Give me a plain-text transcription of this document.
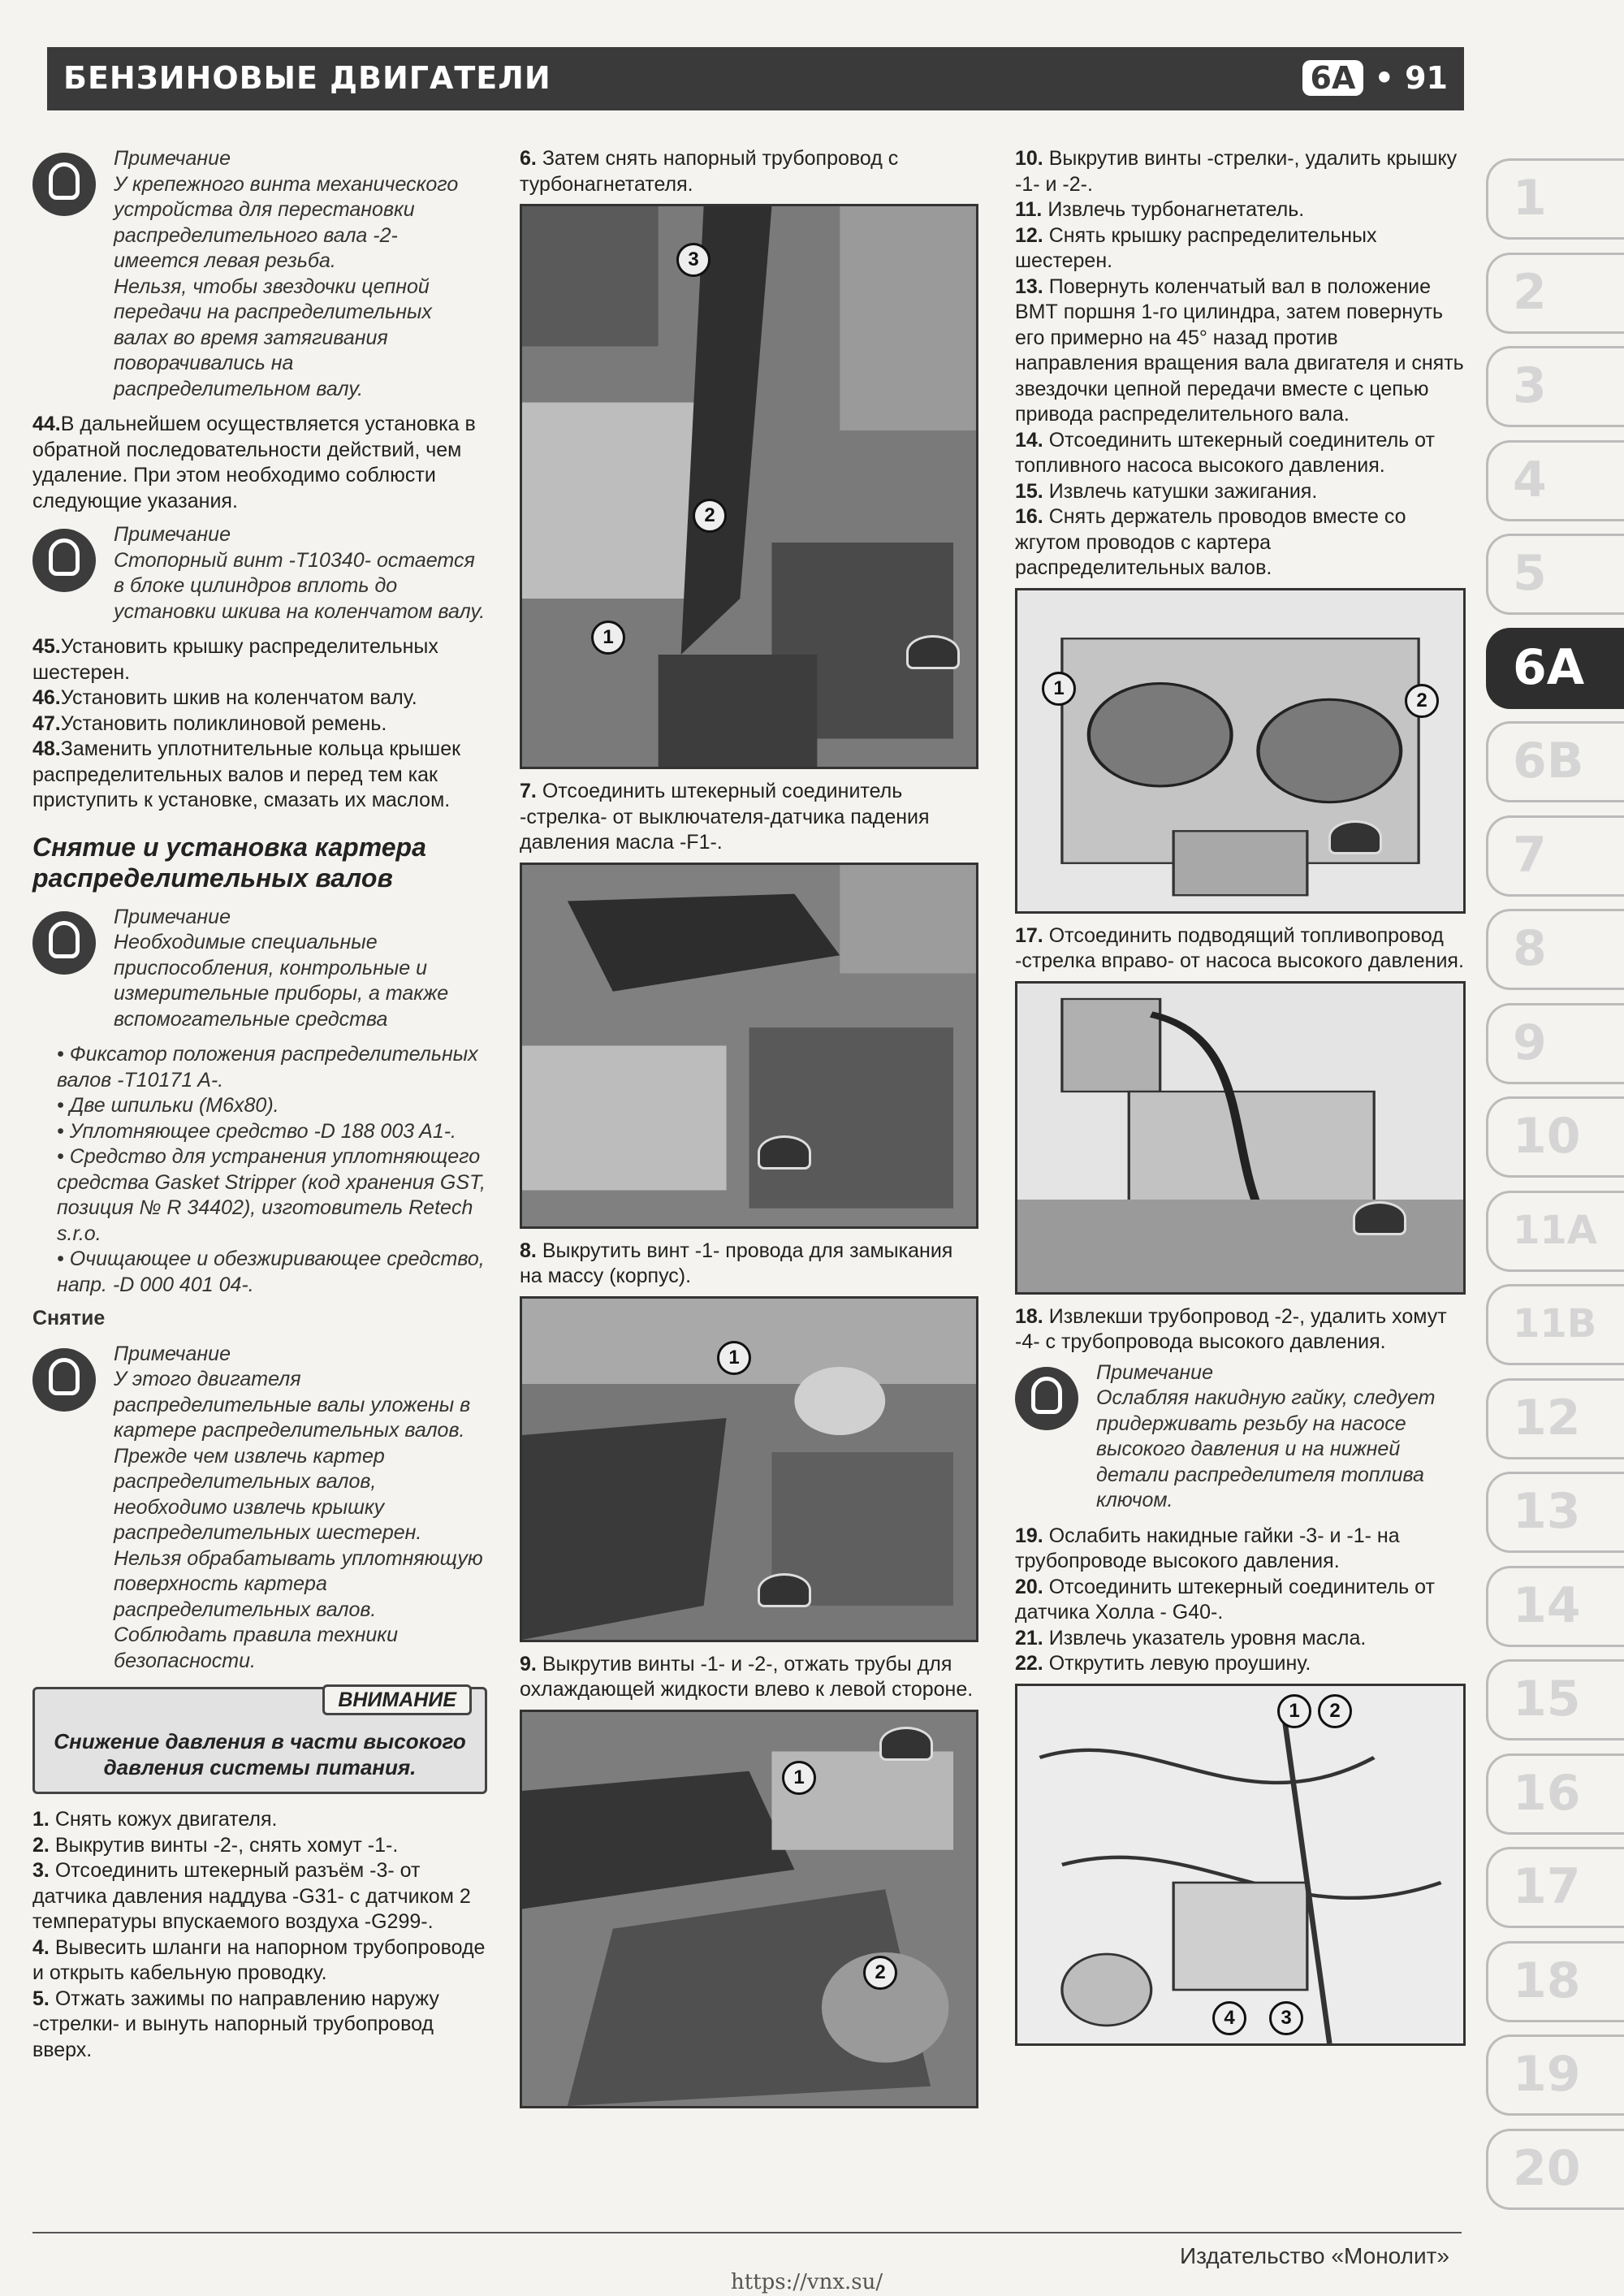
БЕНЗИНОВЫЕ ДВИГАТЕЛИ	6A • 91
Примечание
У крепежного винта механического устройства для перестановки распределительного вала -2- имеется левая резьба.
Нельзя, чтобы звездочки цепной передачи на распределительных валах во время затягивания поворачивались на распределительном валу.
44.В дальнейшем осуществляется установка в обратной последовательности действий, чем удаление. При этом необходимо соблюсти следующие указания.
Примечание
Стопорный винт -T10340- остается в блоке цилиндров вплоть до установки шкива на коленчатом валу.
45.Установить крышку распределительных шестерен.
46.Установить шкив на коленчатом валу.
47.Установить поликлиновой ремень.
48.Заменить уплотнительные кольца крышек распределительных валов и перед тем как приступить к установке, смазать их маслом.
Снятие и установка картера распределительных валов
Примечание
Необходимые специальные приспособления, контрольные и измерительные приборы, а также вспомогательные средства
• Фиксатор положения распределительных валов -T10171 A-.
• Две шпильки (M6x80).
• Уплотняющее средство -D 188 003 A1-.
• Средство для устранения уплотняющего средства Gasket Stripper (код хранения GST, позиция № R 34402), изготовитель Retech s.r.o.
• Очищающее и обезжиривающее средство, напр. -D 000 401 04-.
Снятие
Примечание
У этого двигателя распределительные валы уложены в картере распределительных валов. Прежде чем извлечь картер распределительных валов, необходимо извлечь крышку распределительных шестерен.
Нельзя обрабатывать уплотняющую поверхность картера распределительных валов.
Соблюдать правила техники безопасности.
ВНИМАНИЕ
Снижение давления в части высокого давления системы питания.
1. Снять кожух двигателя.
2. Выкрутив винты -2-, снять хомут -1-.
3. Отсоединить штекерный разъём -3- от датчика давления наддува -G31- с датчиком 2 температуры впускаемого воздуха -G299-.
4. Вывесить шланги на напорном трубопроводе и открыть кабельную проводку.
5. Отжать зажимы по направлению наружу -стрелки- и вынуть напорный трубопровод вверх.
6. Затем снять напорный трубопровод с турбонагнетателя.
3
2
1
7. Отсоединить штекерный соединитель -стрелка- от выключателя-датчика падения давления масла -F1-.
8. Выкрутить винт -1- провода для замыкания на массу (корпус).
1
9. Выкрутив винты -1- и -2-, отжать трубы для охлаждающей жидкости влево к левой стороне.
1
2
10. Выкрутив винты -стрелки-, удалить крышку -1- и -2-.
11. Извлечь турбонагнетатель.
12. Снять крышку распределительных шестерен.
13. Повернуть коленчатый вал в положение ВМТ поршня 1-го цилиндра, затем повернуть его примерно на 45° назад против направления вращения вала двигателя и снять звездочки цепной передачи вместе с цепью привода распределительного вала.
14. Отсоединить штекерный соединитель от топливного насоса высокого давления.
15. Извлечь катушки зажигания.
16. Снять держатель проводов вместе со жгутом проводов с картера распределительных валов.
1
2
17. Отсоединить подводящий топливопровод -стрелка вправо- от насоса высокого давления.
18. Извлекши трубопровод -2-, удалить хомут -4- с трубопровода высокого давления.
Примечание
Ослабляя накидную гайку, следует придерживать резьбу на насосе высокого давления и на нижней детали распределителя топлива ключом.
19. Ослабить накидные гайки -3- и -1- на трубопроводе высокого давления.
20. Отсоединить штекерный соединитель от датчика Холла - G40-.
21. Извлечь указатель уровня масла.
22. Открутить левую проушину.
1	2
4	3
1
2
3
4
5
6A
6B
7
8
9
10
11A
11B
12
13
14
15
16
17
18
19
20
Издательство «Монолит»
https://vnx.su/
